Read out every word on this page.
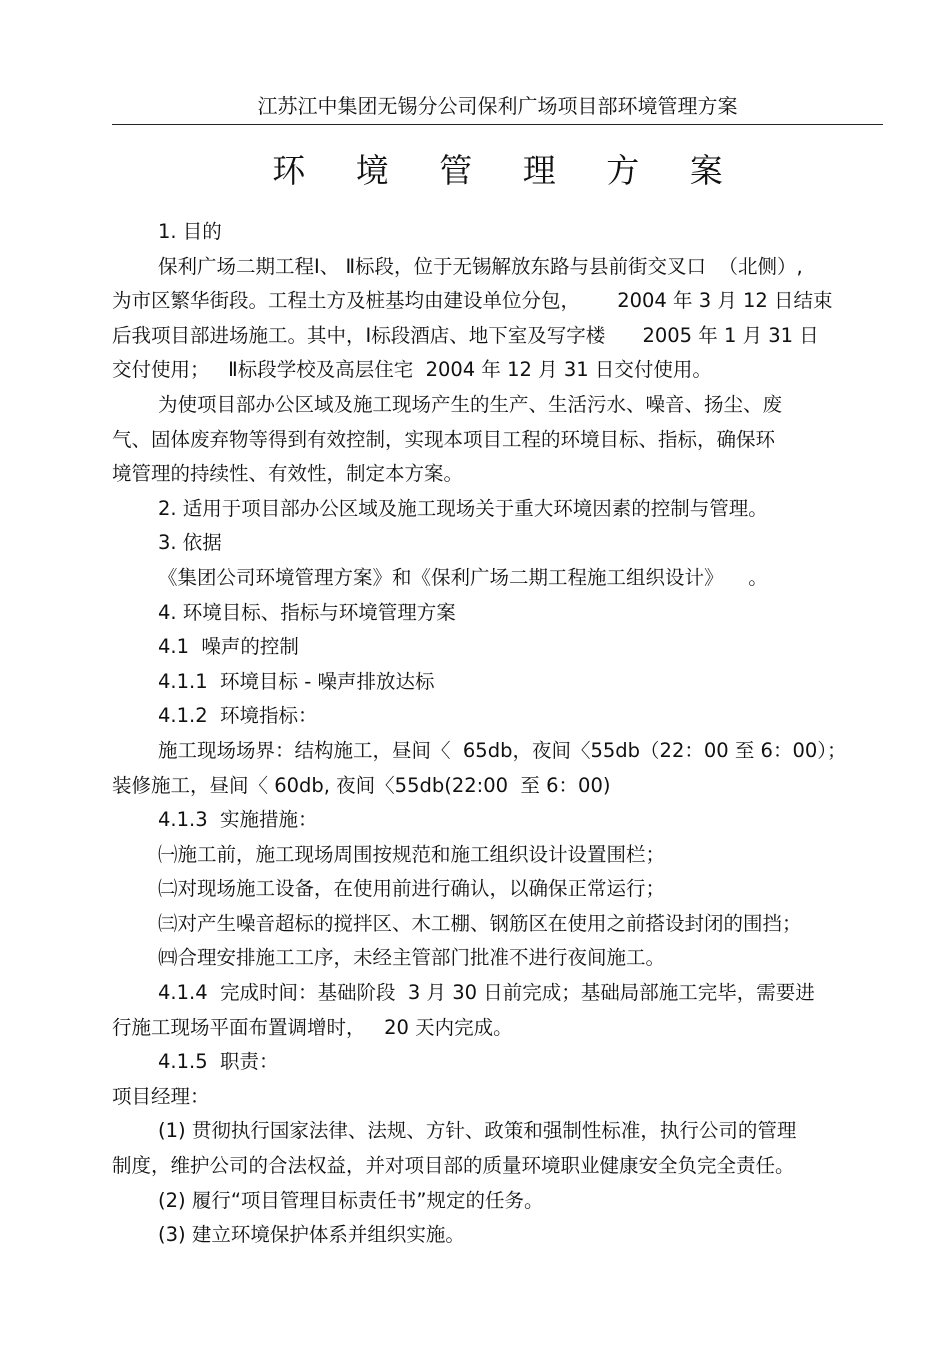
江苏江中集团无锡分公司保利广场项目部环境管理方案
环 境 管 理 方 案

1. 目的

保利广场二期工程Ⅰ、 Ⅱ标段，位于无锡解放东路与县前街交叉口  （北侧）,

为市区繁华街段。工程土方及桩基均由建设单位分包，      2004 年 3 月 12 日结束

后我项目部进场施工。其中，Ⅰ标段酒店、地下室及写字楼      2005 年 1 月 31 日

交付使用；   Ⅱ标段学校及高层住宅  2004 年 12 月 31 日交付使用。

为使项目部办公区域及施工现场产生的生产、生活污水、噪音、扬尘、废

气、固体废弃物等得到有效控制，实现本项目工程的环境目标、指标，确保环

境管理的持续性、有效性，制定本方案。

2. 适用于项目部办公区域及施工现场关于重大环境因素的控制与管理。

3. 依据

《集团公司环境管理方案》和《保利广场二期工程施工组织设计》    。

4. 环境目标、指标与环境管理方案

4.1  噪声的控制

4.1.1  环境目标 - 噪声排放达标

4.1.2  环境指标：

施工现场场界：结构施工，昼间〈  65db，夜间〈55db（22：00 至 6：00）；

装修施工，昼间〈 60db, 夜间〈55db(22:00  至 6：00)

4.1.3  实施措施：

㈠施工前，施工现场周围按规范和施工组织设计设置围栏；

㈡对现场施工设备，在使用前进行确认，以确保正常运行；

㈢对产生噪音超标的搅拌区、木工棚、钢筋区在使用之前搭设封闭的围挡；

㈣合理安排施工工序，未经主管部门批准不进行夜间施工。

4.1.4  完成时间：基础阶段  3 月 30 日前完成；基础局部施工完毕，需要进

行施工现场平面布置调增时，   20 天内完成。

4.1.5  职责：

项目经理：

(1) 贯彻执行国家法律、法规、方针、政策和强制性标准，执行公司的管理

制度，维护公司的合法权益，并对项目部的质量环境职业健康安全负完全责任。

(2) 履行“项目管理目标责任书”规定的任务。

(3) 建立环境保护体系并组织实施。
